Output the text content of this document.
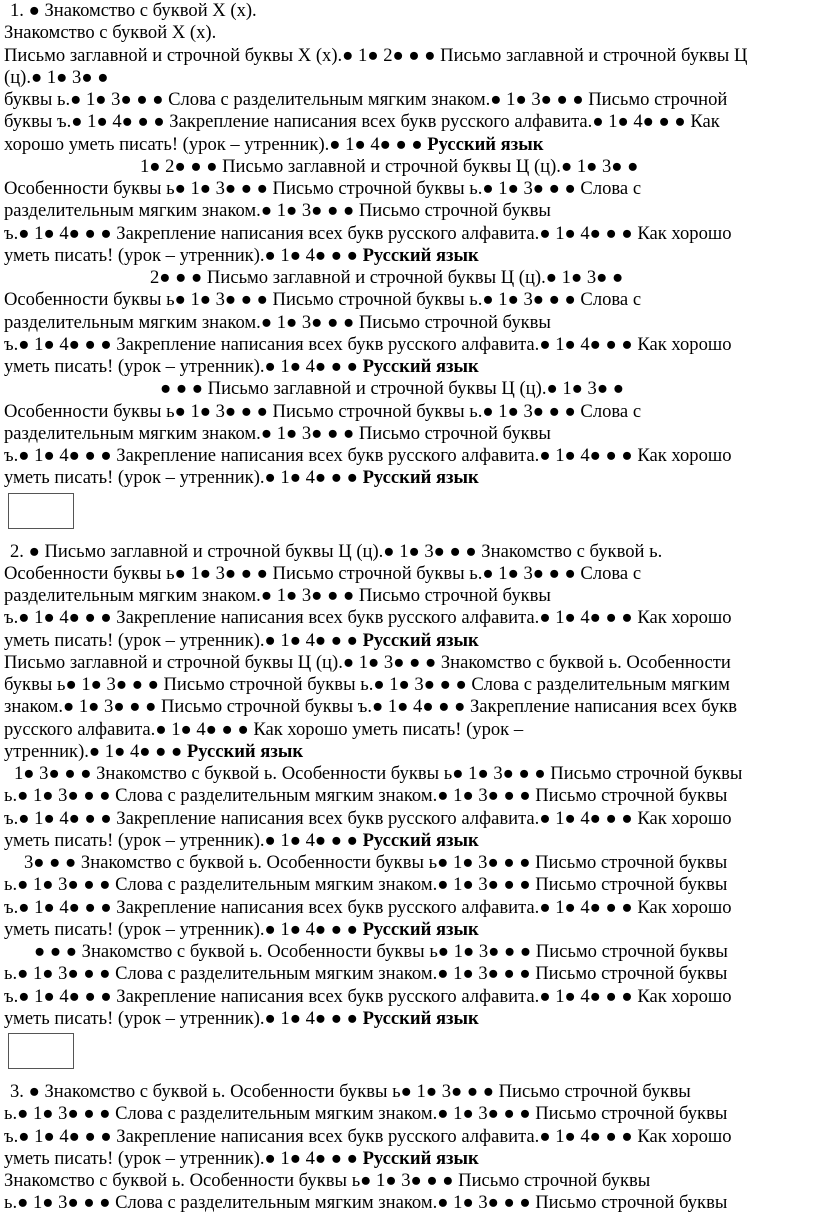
1. ● Знакомство с буквой Х (х).
Знакомство с буквой Х (х).
Письмо заглавной и строчной буквы Х (х).● 1● 2● ● ● Письмо заглавной и строчной буквы Ц
(ц).● 1● 3● ●
буквы ь.● 1● 3● ● ● Слова с разделительным мягким знаком.● 1● 3● ● ● Письмо строчной
буквы ъ.● 1● 4● ● ● Закрепление написания всех букв русского алфавита.● 1● 4● ● ● Как
хорошо уметь писать! (урок – утренник).● 1● 4● ● ● Русский язык
1● 2● ● ● Письмо заглавной и строчной буквы Ц (ц).● 1● 3● ●
Особенности буквы ь● 1● 3● ● ● Письмо строчной буквы ь.● 1● 3● ● ● Слова с
разделительным мягким знаком.● 1● 3● ● ● Письмо строчной буквы
ъ.● 1● 4● ● ● Закрепление написания всех букв русского алфавита.● 1● 4● ● ● Как хорошо
уметь писать! (урок – утренник).● 1● 4● ● ● Русский язык
2● ● ● Письмо заглавной и строчной буквы Ц (ц).● 1● 3● ●
Особенности буквы ь● 1● 3● ● ● Письмо строчной буквы ь.● 1● 3● ● ● Слова с
разделительным мягким знаком.● 1● 3● ● ● Письмо строчной буквы
ъ.● 1● 4● ● ● Закрепление написания всех букв русского алфавита.● 1● 4● ● ● Как хорошо
уметь писать! (урок – утренник).● 1● 4● ● ● Русский язык
● ● ● Письмо заглавной и строчной буквы Ц (ц).● 1● 3● ●
Особенности буквы ь● 1● 3● ● ● Письмо строчной буквы ь.● 1● 3● ● ● Слова с
разделительным мягким знаком.● 1● 3● ● ● Письмо строчной буквы
ъ.● 1● 4● ● ● Закрепление написания всех букв русского алфавита.● 1● 4● ● ● Как хорошо
уметь писать! (урок – утренник).● 1● 4● ● ● Русский язык
2. ● Письмо заглавной и строчной буквы Ц (ц).● 1● 3● ● ● Знакомство с буквой ь.
Особенности буквы ь● 1● 3● ● ● Письмо строчной буквы ь.● 1● 3● ● ● Слова с
разделительным мягким знаком.● 1● 3● ● ● Письмо строчной буквы
ъ.● 1● 4● ● ● Закрепление написания всех букв русского алфавита.● 1● 4● ● ● Как хорошо
уметь писать! (урок – утренник).● 1● 4● ● ● Русский язык
Письмо заглавной и строчной буквы Ц (ц).● 1● 3● ● ● Знакомство с буквой ь. Особенности
буквы ь● 1● 3● ● ● Письмо строчной буквы ь.● 1● 3● ● ● Слова с разделительным мягким
знаком.● 1● 3● ● ● Письмо строчной буквы ъ.● 1● 4● ● ● Закрепление написания всех букв
русского алфавита.● 1● 4● ● ● Как хорошо уметь писать! (урок –
утренник).● 1● 4● ● ● Русский язык
1● 3● ● ● Знакомство с буквой ь. Особенности буквы ь● 1● 3● ● ● Письмо строчной буквы
ь.● 1● 3● ● ● Слова с разделительным мягким знаком.● 1● 3● ● ● Письмо строчной буквы
ъ.● 1● 4● ● ● Закрепление написания всех букв русского алфавита.● 1● 4● ● ● Как хорошо
уметь писать! (урок – утренник).● 1● 4● ● ● Русский язык
3● ● ● Знакомство с буквой ь. Особенности буквы ь● 1● 3● ● ● Письмо строчной буквы
ь.● 1● 3● ● ● Слова с разделительным мягким знаком.● 1● 3● ● ● Письмо строчной буквы
ъ.● 1● 4● ● ● Закрепление написания всех букв русского алфавита.● 1● 4● ● ● Как хорошо
уметь писать! (урок – утренник).● 1● 4● ● ● Русский язык
● ● ● Знакомство с буквой ь. Особенности буквы ь● 1● 3● ● ● Письмо строчной буквы
ь.● 1● 3● ● ● Слова с разделительным мягким знаком.● 1● 3● ● ● Письмо строчной буквы
ъ.● 1● 4● ● ● Закрепление написания всех букв русского алфавита.● 1● 4● ● ● Как хорошо
уметь писать! (урок – утренник).● 1● 4● ● ● Русский язык
3. ● Знакомство с буквой ь. Особенности буквы ь● 1● 3● ● ● Письмо строчной буквы
ь.● 1● 3● ● ● Слова с разделительным мягким знаком.● 1● 3● ● ● Письмо строчной буквы
ъ.● 1● 4● ● ● Закрепление написания всех букв русского алфавита.● 1● 4● ● ● Как хорошо
уметь писать! (урок – утренник).● 1● 4● ● ● Русский язык
Знакомство с буквой ь. Особенности буквы ь● 1● 3● ● ● Письмо строчной буквы
ь.● 1● 3● ● ● Слова с разделительным мягким знаком.● 1● 3● ● ● Письмо строчной буквы
